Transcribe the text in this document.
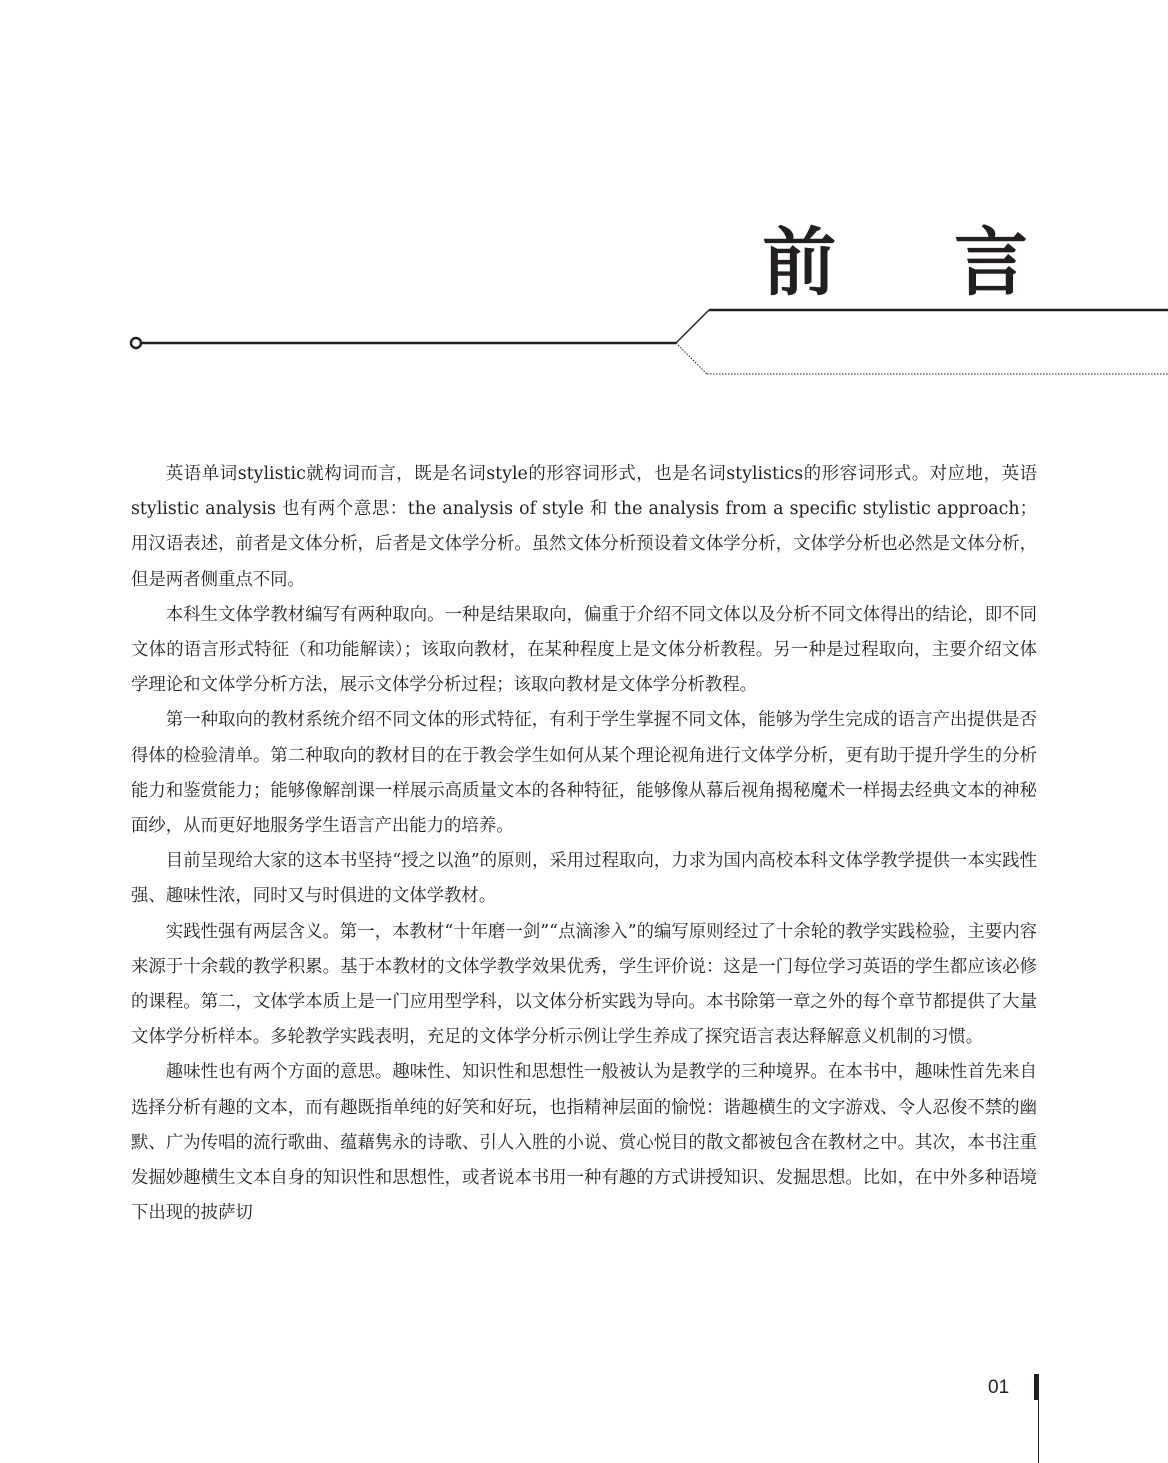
前 言

英语单词stylistic就构词而言，既是名词style的形容词形式，也是名词stylistics的形容词形式。对应地，英语 stylistic analysis 也有两个意思：the analysis of style 和 the analysis from a specific stylistic approach；用汉语表述，前者是文体分析，后者是文体学分析。虽然文体分析预设着文体学分析，文体学分析也必然是文体分析，但是两者侧重点不同。

本科生文体学教材编写有两种取向。一种是结果取向，偏重于介绍不同文体以及分析不同文体得出的结论，即不同文体的语言形式特征（和功能解读）；该取向教材，在某种程度上是文体分析教程。另一种是过程取向，主要介绍文体学理论和文体学分析方法，展示文体学分析过程；该取向教材是文体学分析教程。

第一种取向的教材系统介绍不同文体的形式特征，有利于学生掌握不同文体，能够为学生完成的语言产出提供是否得体的检验清单。第二种取向的教材目的在于教会学生如何从某个理论视角进行文体学分析，更有助于提升学生的分析能力和鉴赏能力；能够像解剖课一样展示高质量文本的各种特征，能够像从幕后视角揭秘魔术一样揭去经典文本的神秘面纱，从而更好地服务学生语言产出能力的培养。

目前呈现给大家的这本书坚持“授之以渔”的原则，采用过程取向，力求为国内高校本科文体学教学提供一本实践性强、趣味性浓，同时又与时俱进的文体学教材。

实践性强有两层含义。第一，本教材“十年磨一剑”“点滴渗入”的编写原则经过了十余轮的教学实践检验，主要内容来源于十余载的教学积累。基于本教材的文体学教学效果优秀，学生评价说：这是一门每位学习英语的学生都应该必修的课程。第二，文体学本质上是一门应用型学科，以文体分析实践为导向。本书除第一章之外的每个章节都提供了大量文体学分析样本。多轮教学实践表明，充足的文体学分析示例让学生养成了探究语言表达释解意义机制的习惯。

趣味性也有两个方面的意思。趣味性、知识性和思想性一般被认为是教学的三种境界。在本书中，趣味性首先来自选择分析有趣的文本，而有趣既指单纯的好笑和好玩，也指精神层面的愉悦：谐趣横生的文字游戏、令人忍俊不禁的幽默、广为传唱的流行歌曲、蕴藉隽永的诗歌、引人入胜的小说、赏心悦目的散文都被包含在教材之中。其次，本书注重发掘妙趣横生文本自身的知识性和思想性，或者说本书用一种有趣的方式讲授知识、发掘思想。比如，在中外多种语境下出现的披萨切

01
